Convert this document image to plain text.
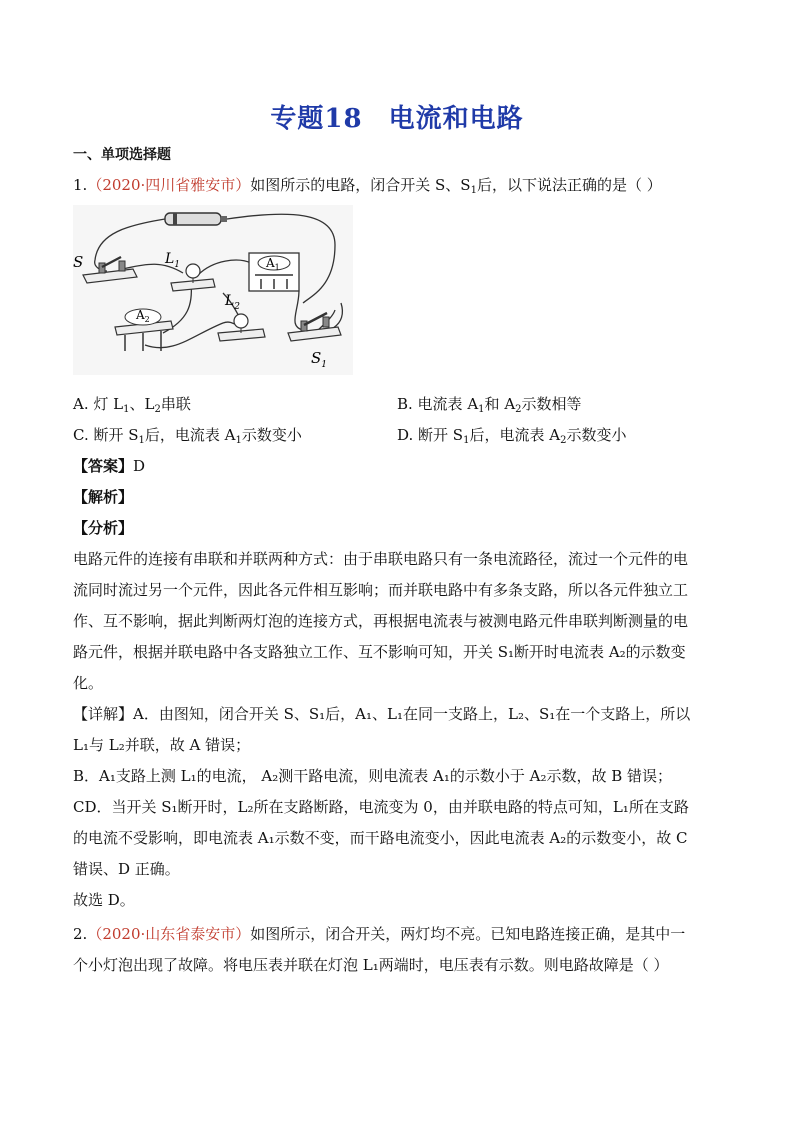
专题18 电流和电路
一、单项选择题
1.（2020·四川省雅安市）如图所示的电路，闭合开关 S、$S_1$后，以下说法正确的是（ ）
S	$L_1$	$A_1$
$L_2$
$A_2$
$S_1$
A. 灯 $L_1$、$L_2$串联	B. 电流表 $A_1$和 $A_2$示数相等
C. 断开 $S_1$后，电流表 $A_1$示数变小	D. 断开 $S_1$后，电流表 $A_2$示数变小
【答案】D
【解析】
【分析】
电路元件的连接有串联和并联两种方式：由于串联电路只有一条电流路径，流过一个元件的电
流同时流过另一个元件，因此各元件相互影响；而并联电路中有多条支路，所以各元件独立工
作、互不影响，据此判断两灯泡的连接方式，再根据电流表与被测电路元件串联判断测量的电
路元件，根据并联电路中各支路独立工作、互不影响可知，开关 S₁断开时电流表 A₂的示数变
化。
【详解】A．由图知，闭合开关 S、S₁后，A₁、L₁在同一支路上，L₂、S₁在一个支路上，所以
L₁与 L₂并联，故 A 错误；
B．A₁支路上测 L₁的电流， A₂测干路电流，则电流表 A₁的示数小于 A₂示数，故 B 错误；
CD．当开关 S₁断开时，L₂所在支路断路，电流变为 0，由并联电路的特点可知，L₁所在支路
的电流不受影响，即电流表 A₁示数不变，而干路电流变小，因此电流表 A₂的示数变小，故 C
错误、D 正确。
故选 D。
2.（2020·山东省泰安市）如图所示，闭合开关，两灯均不亮。已知电路连接正确，是其中一
个小灯泡出现了故障。将电压表并联在灯泡 L₁两端时，电压表有示数。则电路故障是（ ）
